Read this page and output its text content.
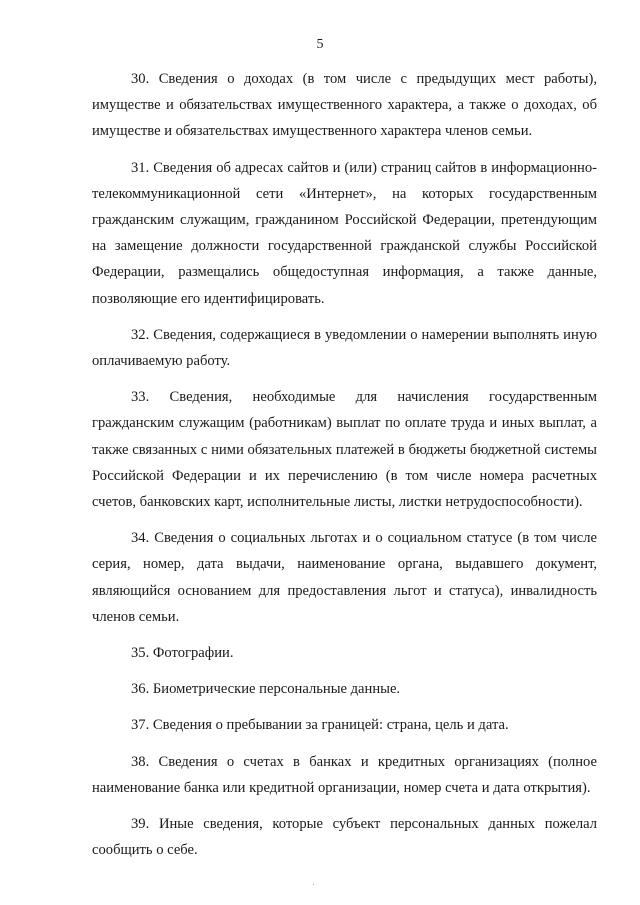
5

30. Сведения о доходах (в том числе с предыдущих мест работы), имуществе и обязательствах имущественного характера, а также о доходах, об имуществе и обязательствах имущественного характера членов семьи.

31. Сведения об адресах сайтов и (или) страниц сайтов в информационно-телекоммуникационной сети «Интернет», на которых государственным гражданским служащим, гражданином Российской Федерации, претендующим на замещение должности государственной гражданской службы Российской Федерации, размещались общедоступная информация, а также данные, позволяющие его идентифицировать.

32. Сведения, содержащиеся в уведомлении о намерении выполнять иную оплачиваемую работу.

33. Сведения, необходимые для начисления государственным гражданским служащим (работникам) выплат по оплате труда и иных выплат, а также связанных с ними обязательных платежей в бюджеты бюджетной системы Российской Федерации и их перечислению (в том числе номера расчетных счетов, банковских карт, исполнительные листы, листки нетрудоспособности).

34. Сведения о социальных льготах и о социальном статусе (в том числе серия, номер, дата выдачи, наименование органа, выдавшего документ, являющийся основанием для предоставления льгот и статуса), инвалидность членов семьи.

35. Фотографии.

36. Биометрические персональные данные.

37. Сведения о пребывании за границей: страна, цель и дата.

38. Сведения о счетах в банках и кредитных организациях (полное наименование банка или кредитной организации, номер счета и дата открытия).

39. Иные сведения, которые субъект персональных данных пожелал сообщить о себе.
